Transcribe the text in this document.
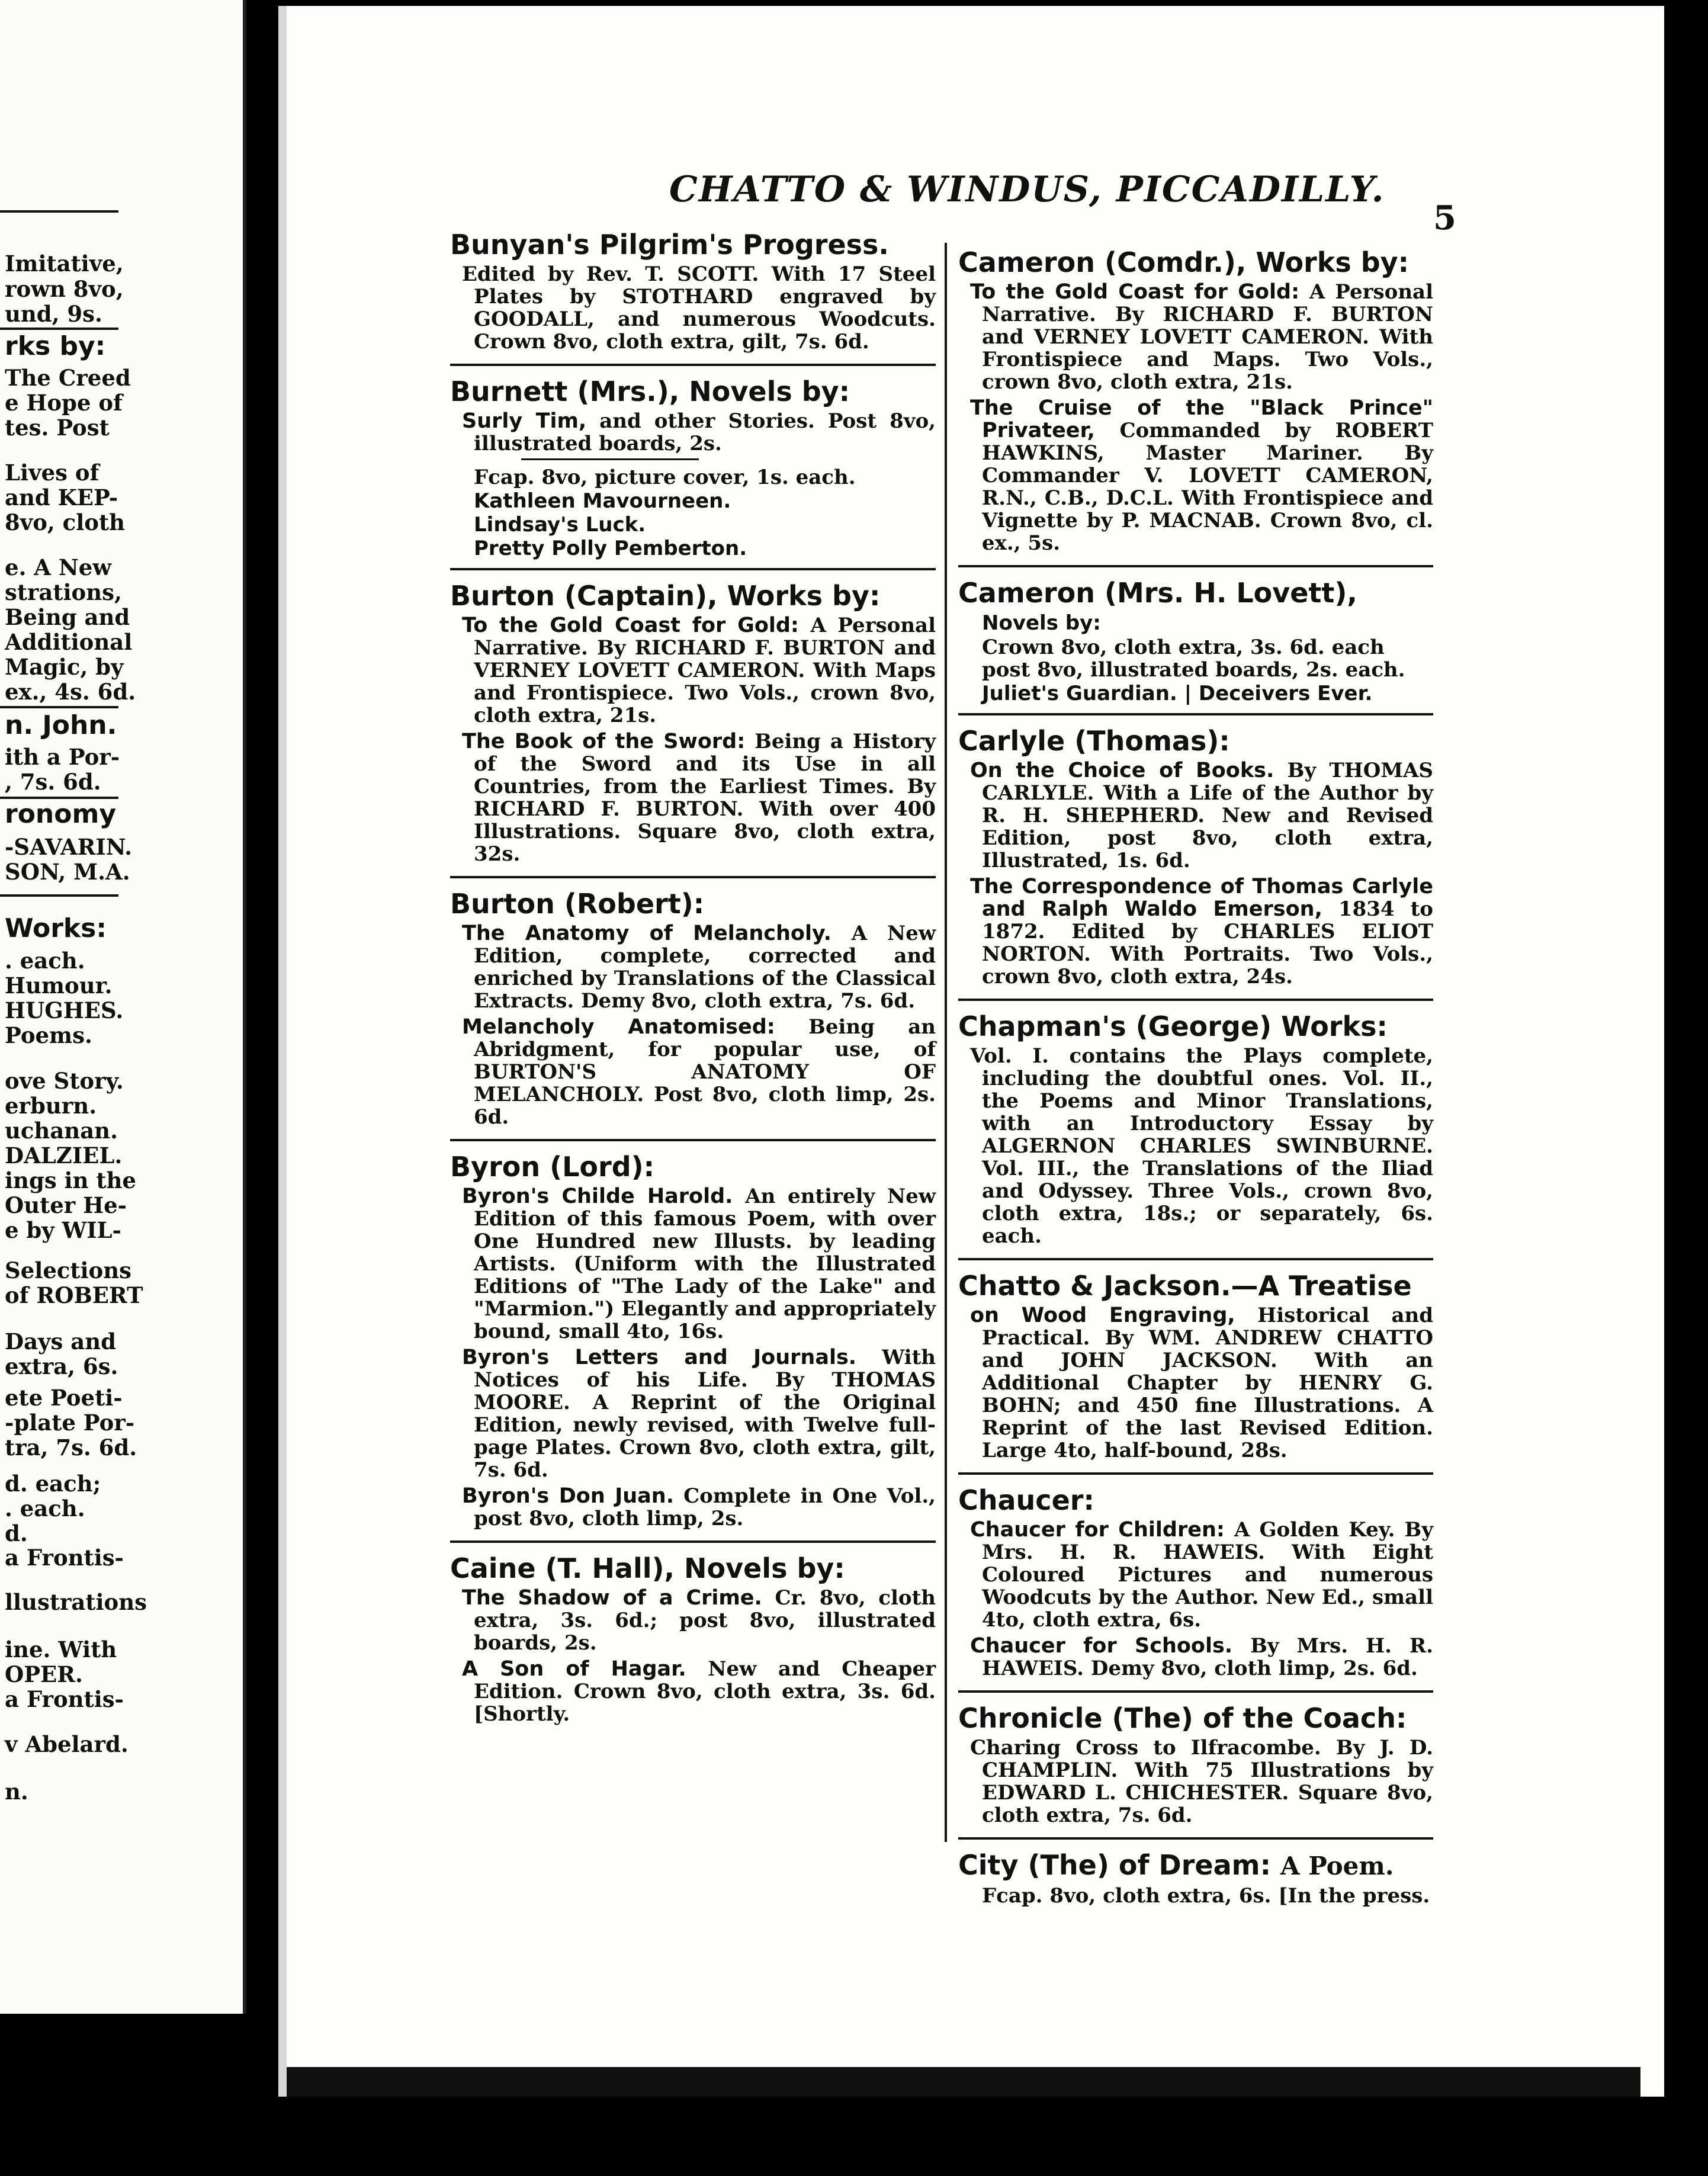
Imitative,
rown 8vo,
und, 9s.
rks by:
The Creed
e Hope of
tes. Post
Lives of
and KEP-
8vo, cloth
e. A New
strations,
Being and
Additional
Magic, by
ex., 4s. 6d.
n. John.
ith a Por-
, 7s. 6d.
ronomy
-SAVARIN.
SON, M.A.
Works:
. each.
Humour.
HUGHES.
Poems.
ove Story.
erburn.
uchanan.
DALZIEL.
ings in the
Outer He-
e by WIL-
Selections
of ROBERT
Days and
extra, 6s.
ete Poeti-
-plate Por-
tra, 7s. 6d.
d. each;
. each.
d.
a Frontis-
llustrations
ine. With
OPER.
a Frontis-
v Abelard.
n.
CHATTO & WINDUS, PICCADILLY.
5
Bunyan's Pilgrim's Progress.
Edited by Rev. T. SCOTT. With 17 Steel Plates by STOTHARD engraved by GOODALL, and numerous Woodcuts. Crown 8vo, cloth extra, gilt, 7s. 6d.
Burnett (Mrs.), Novels by:
Surly Tim, and other Stories. Post 8vo, illustrated boards, 2s.
Fcap. 8vo, picture cover, 1s. each.
Kathleen Mavourneen.
Lindsay's Luck.
Pretty Polly Pemberton.
Burton (Captain), Works by:
To the Gold Coast for Gold: A Personal Narrative. By RICHARD F. BURTON and VERNEY LOVETT CAMERON. With Maps and Frontispiece. Two Vols., crown 8vo, cloth extra, 21s.
The Book of the Sword: Being a History of the Sword and its Use in all Countries, from the Earliest Times. By RICHARD F. BURTON. With over 400 Illustrations. Square 8vo, cloth extra, 32s.
Burton (Robert):
The Anatomy of Melancholy. A New Edition, complete, corrected and enriched by Translations of the Classical Extracts. Demy 8vo, cloth extra, 7s. 6d.
Melancholy Anatomised: Being an Abridgment, for popular use, of BURTON'S ANATOMY OF MELANCHOLY. Post 8vo, cloth limp, 2s. 6d.
Byron (Lord):
Byron's Childe Harold. An entirely New Edition of this famous Poem, with over One Hundred new Illusts. by leading Artists. (Uniform with the Illustrated Editions of "The Lady of the Lake" and "Marmion.") Elegantly and appropriately bound, small 4to, 16s.
Byron's Letters and Journals. With Notices of his Life. By THOMAS MOORE. A Reprint of the Original Edition, newly revised, with Twelve full-page Plates. Crown 8vo, cloth extra, gilt, 7s. 6d.
Byron's Don Juan. Complete in One Vol., post 8vo, cloth limp, 2s.
Caine (T. Hall), Novels by:
The Shadow of a Crime. Cr. 8vo, cloth extra, 3s. 6d.; post 8vo, illustrated boards, 2s.
A Son of Hagar. New and Cheaper Edition. Crown 8vo, cloth extra, 3s. 6d. [Shortly.
Cameron (Comdr.), Works by:
To the Gold Coast for Gold: A Personal Narrative. By RICHARD F. BURTON and VERNEY LOVETT CAMERON. With Frontispiece and Maps. Two Vols., crown 8vo, cloth extra, 21s.
The Cruise of the "Black Prince" Privateer, Commanded by ROBERT HAWKINS, Master Mariner. By Commander V. LOVETT CAMERON, R.N., C.B., D.C.L. With Frontispiece and Vignette by P. MACNAB. Crown 8vo, cl. ex., 5s.
Cameron (Mrs. H. Lovett),
Novels by:
Crown 8vo, cloth extra, 3s. 6d. each post 8vo, illustrated boards, 2s. each.
Juliet's Guardian. | Deceivers Ever.
Carlyle (Thomas):
On the Choice of Books. By THOMAS CARLYLE. With a Life of the Author by R. H. SHEPHERD. New and Revised Edition, post 8vo, cloth extra, Illustrated, 1s. 6d.
The Correspondence of Thomas Carlyle and Ralph Waldo Emerson, 1834 to 1872. Edited by CHARLES ELIOT NORTON. With Portraits. Two Vols., crown 8vo, cloth extra, 24s.
Chapman's (George) Works:
Vol. I. contains the Plays complete, including the doubtful ones. Vol. II., the Poems and Minor Translations, with an Introductory Essay by ALGERNON CHARLES SWINBURNE. Vol. III., the Translations of the Iliad and Odyssey. Three Vols., crown 8vo, cloth extra, 18s.; or separately, 6s. each.
Chatto & Jackson.—A Treatise
on Wood Engraving, Historical and Practical. By WM. ANDREW CHATTO and JOHN JACKSON. With an Additional Chapter by HENRY G. BOHN; and 450 fine Illustrations. A Reprint of the last Revised Edition. Large 4to, half-bound, 28s.
Chaucer:
Chaucer for Children: A Golden Key. By Mrs. H. R. HAWEIS. With Eight Coloured Pictures and numerous Woodcuts by the Author. New Ed., small 4to, cloth extra, 6s.
Chaucer for Schools. By Mrs. H. R. HAWEIS. Demy 8vo, cloth limp, 2s. 6d.
Chronicle (The) of the Coach:
Charing Cross to Ilfracombe. By J. D. CHAMPLIN. With 75 Illustrations by EDWARD L. CHICHESTER. Square 8vo, cloth extra, 7s. 6d.
City (The) of Dream: A Poem.
Fcap. 8vo, cloth extra, 6s. [In the press.
